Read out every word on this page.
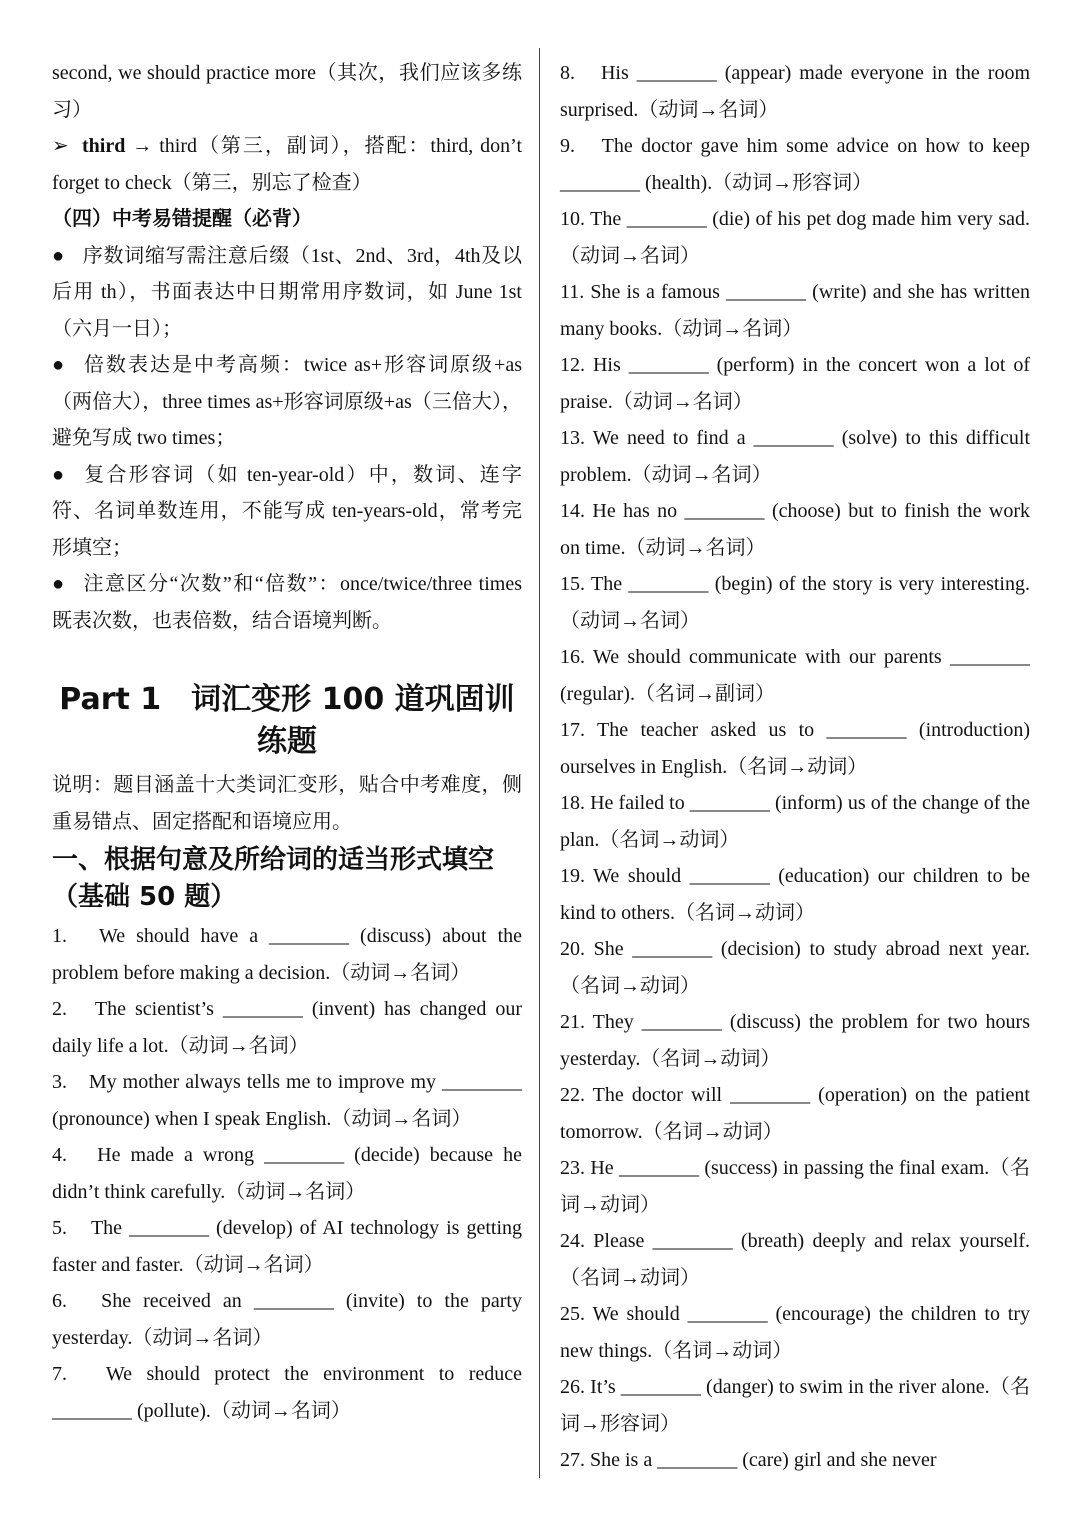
second, we should practice more（其次，我们应该多练习）

➢ third → third（第三，副词），搭配：third, don’t forget to check（第三，别忘了检查）

（四）中考易错提醒（必背）

● 序数词缩写需注意后缀（1st、2nd、3rd，4th及以后用 th），书面表达中日期常用序数词，如 June 1st（六月一日）；

● 倍数表达是中考高频：twice as+形容词原级+as（两倍大），three times as+形容词原级+as（三倍大），避免写成 two times；

● 复合形容词（如 ten-year-old）中，数词、连字符、名词单数连用，不能写成 ten-years-old，常考完形填空；

● 注意区分“次数”和“倍数”：once/twice/three times 既表次数，也表倍数，结合语境判断。

Part 1　词汇变形 100 道巩固训练题

说明：题目涵盖十大类词汇变形，贴合中考难度，侧重易错点、固定搭配和语境应用。

一、根据句意及所给词的适当形式填空（基础 50 题）

1.　We should have a ________ (discuss) about the problem before making a decision.（动词→名词）

2.　The scientist’s ________ (invent) has changed our daily life a lot.（动词→名词）

3.　My mother always tells me to improve my ________ (pronounce) when I speak English.（动词→名词）

4.　He made a wrong ________ (decide) because he didn’t think carefully.（动词→名词）

5.　The ________ (develop) of AI technology is getting faster and faster.（动词→名词）

6.　She received an ________ (invite) to the party yesterday.（动词→名词）

7.　We should protect the environment to reduce ________ (pollute).（动词→名词）

8.　His ________ (appear) made everyone in the room surprised.（动词→名词）

9.　The doctor gave him some advice on how to keep ________ (health).（动词→形容词）

10. The ________ (die) of his pet dog made him very sad.（动词→名词）

11. She is a famous ________ (write) and she has written many books.（动词→名词）

12. His ________ (perform) in the concert won a lot of praise.（动词→名词）

13. We need to find a ________ (solve) to this difficult problem.（动词→名词）

14. He has no ________ (choose) but to finish the work on time.（动词→名词）

15. The ________ (begin) of the story is very interesting.（动词→名词）

16. We should communicate with our parents ________ (regular).（名词→副词）

17. The teacher asked us to ________ (introduction) ourselves in English.（名词→动词）

18. He failed to ________ (inform) us of the change of the plan.（名词→动词）

19. We should ________ (education) our children to be kind to others.（名词→动词）

20. She ________ (decision) to study abroad next year.（名词→动词）

21. They ________ (discuss) the problem for two hours yesterday.（名词→动词）

22. The doctor will ________ (operation) on the patient tomorrow.（名词→动词）

23. He ________ (success) in passing the final exam.（名词→动词）

24. Please ________ (breath) deeply and relax yourself.（名词→动词）

25. We should ________ (encourage) the children to try new things.（名词→动词）

26. It’s ________ (danger) to swim in the river alone.（名词→形容词）

27. She is a ________ (care) girl and she never
